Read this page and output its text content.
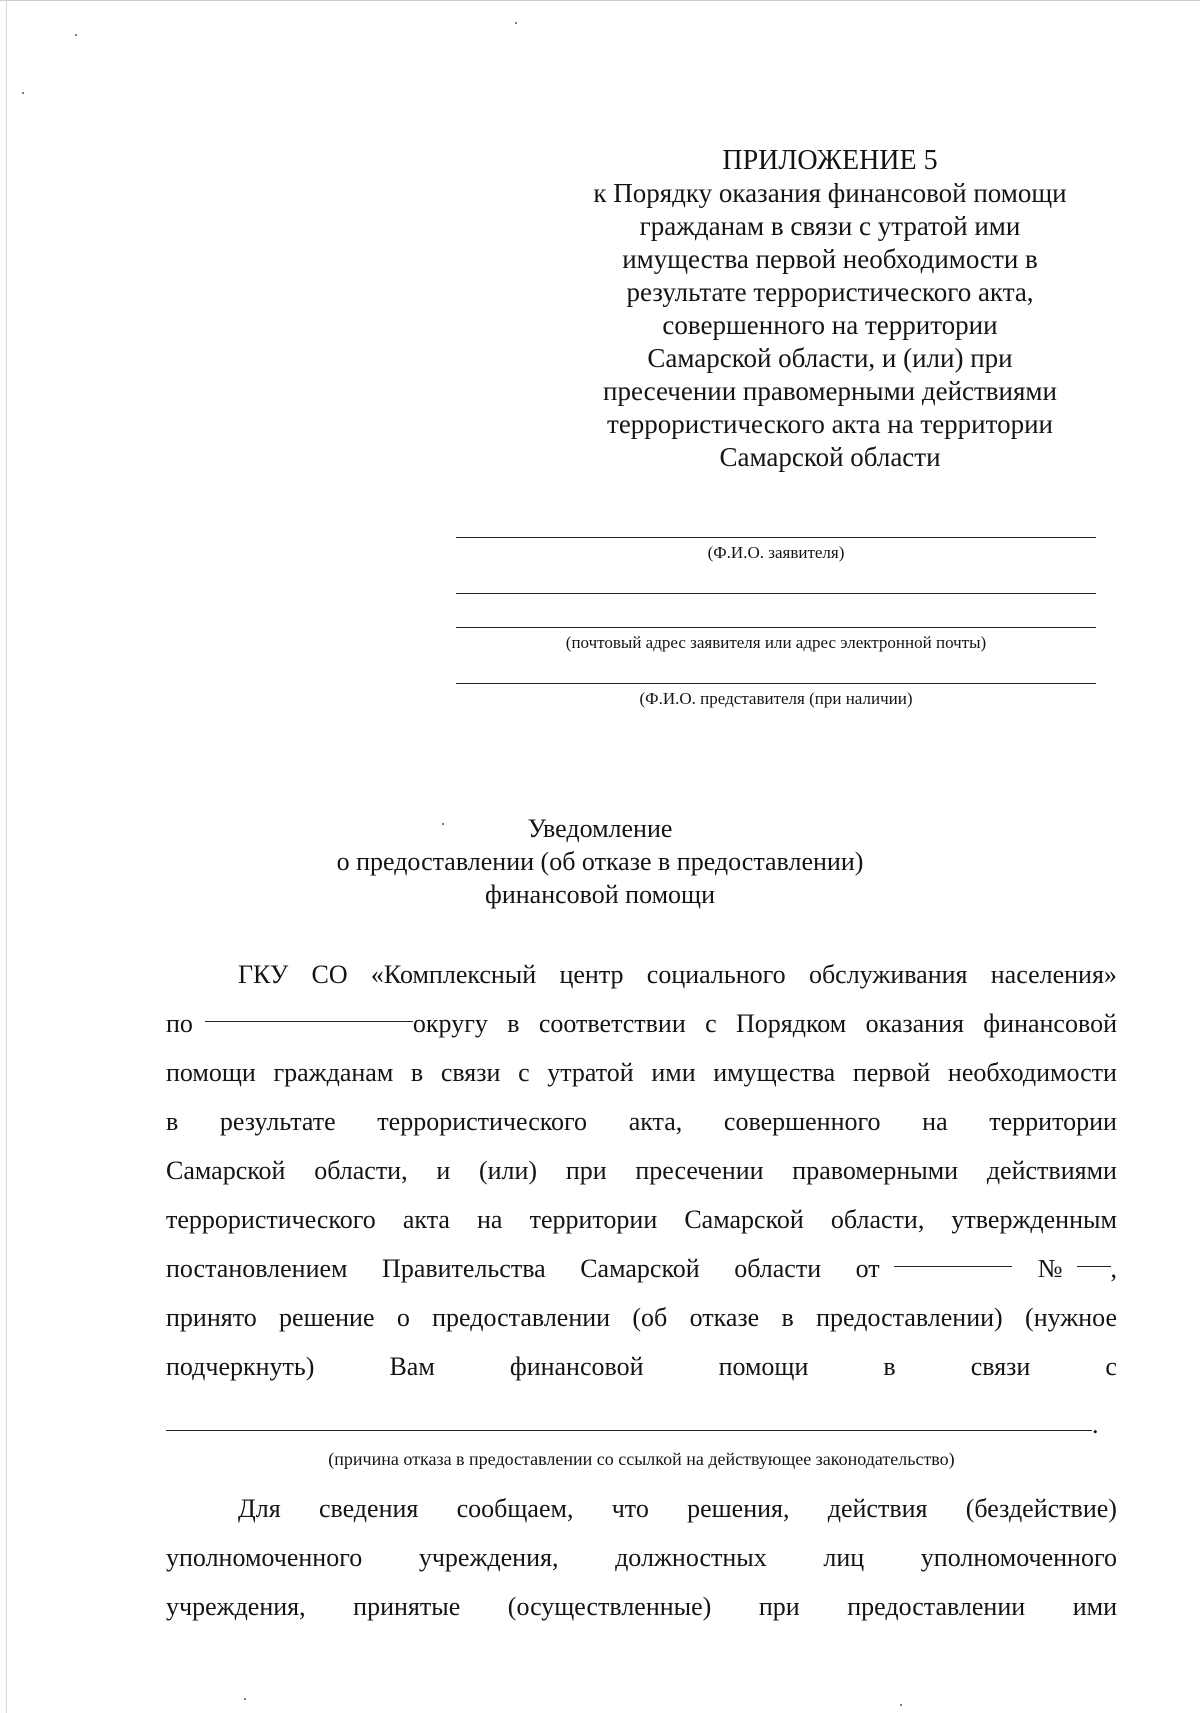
ПРИЛОЖЕНИЕ 5
к Порядку оказания финансовой помощи
гражданам в связи с утратой ими
имущества первой необходимости в
результате террористического акта,
совершенного на территории
Самарской области, и (или) при
пресечении правомерными действиями
террористического акта на территории
Самарской области
(Ф.И.О. заявителя)
(почтовый адрес заявителя или адрес электронной почты)
(Ф.И.О. представителя (при наличии)
Уведомление
о предоставлении (об отказе в предоставлении)
финансовой помощи
ГКУ СО «Комплексный центр социального обслуживания населения»
по	округу в соответствии с Порядком оказания финансовой
помощи гражданам в связи с утратой ими имущества первой необходимости
в результате террористического акта, совершенного на территории
Самарской области, и (или) при пресечении правомерными действиями
террористического акта на территории Самарской области, утвержденным
постановлением Правительства Самарской области от	№ ,
принято решение о предоставлении (об отказе в предоставлении) (нужное
подчеркнуть)	Вам	финансовой	помощи	в	связи	с
.
(причина отказа в предоставлении со ссылкой на действующее законодательство)
Для сведения сообщаем, что решения, действия (бездействие)
уполномоченного учреждения, должностных лиц уполномоченного
учреждения, принятые (осуществленные) при предоставлении ими
